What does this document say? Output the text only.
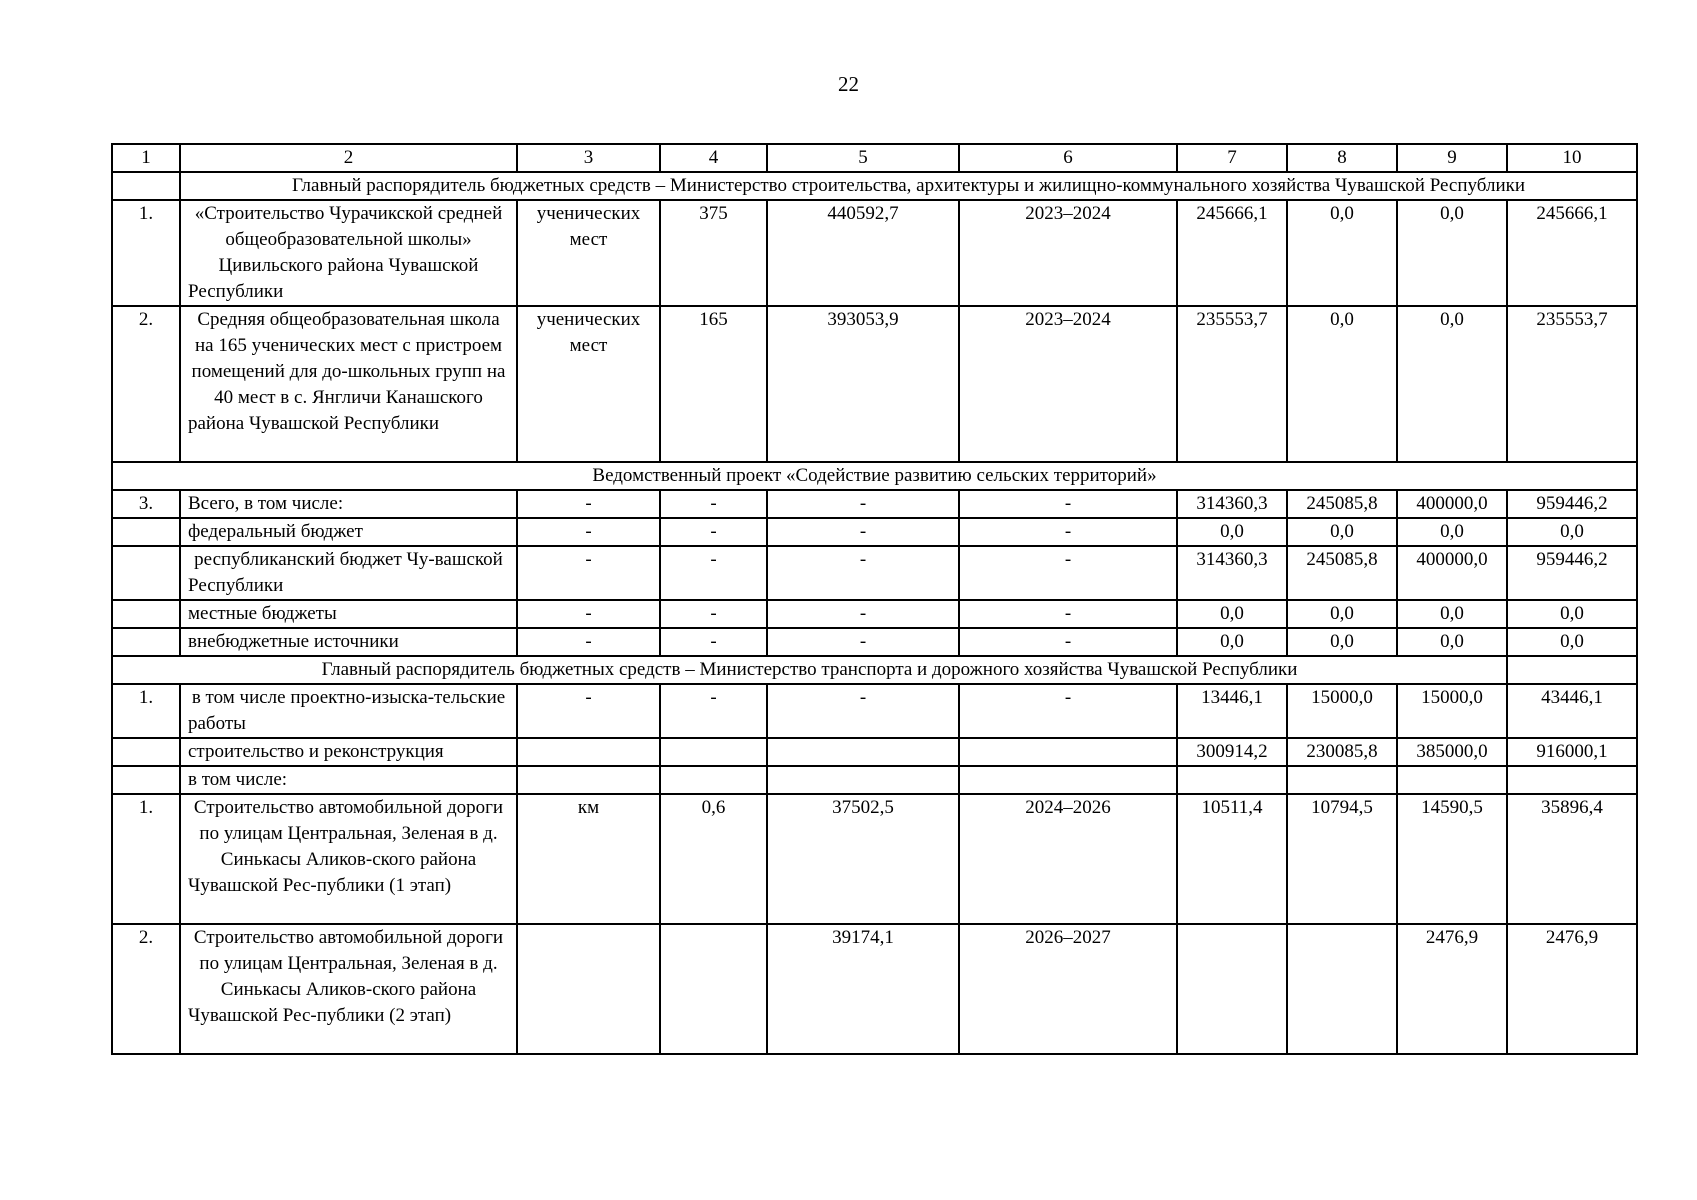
22
1	2	3	4	5	6	7	8	9	10
	Главный распорядитель бюджетных средств – Министерство строительства, архитектуры и жилищно-коммунального хозяйства Чувашской Республики								
1.	«Строительство Чурачикской средней общеобразовательной школы» Цивильского района Чувашской Республики	ученических мест	375	440592,7	2023–2024	245666,1	0,0	0,0	245666,1
2.	Средняя общеобразовательная школа на 165 ученических мест с пристроем помещений для до-школьных групп на 40 мест в с. Янгличи Канашского района Чувашской Республики	ученических мест	165	393053,9	2023–2024	235553,7	0,0	0,0	235553,7
Ведомственный проект «Содействие развитию сельских территорий»									
3.	Всего, в том числе:	-	-	-	-	314360,3	245085,8	400000,0	959446,2
	федеральный бюджет	-	-	-	-	0,0	0,0	0,0	0,0
	республиканский бюджет Чу-вашской Республики	-	-	-	-	314360,3	245085,8	400000,0	959446,2
	местные бюджеты	-	-	-	-	0,0	0,0	0,0	0,0
	внебюджетные источники	-	-	-	-	0,0	0,0	0,0	0,0
Главный распорядитель бюджетных средств – Министерство транспорта и дорожного хозяйства Чувашской Республики									
1.	в том числе проектно-изыска-тельские работы	-	-	-	-	13446,1	15000,0	15000,0	43446,1
	строительство и реконструкция					300914,2	230085,8	385000,0	916000,1
	в том числе:								
1.	Строительство автомобильной дороги по улицам Центральная, Зеленая в д. Синькасы Аликов-ского района Чувашской Рес-публики (1 этап)	км	0,6	37502,5	2024–2026	10511,4	10794,5	14590,5	35896,4
2.	Строительство автомобильной дороги по улицам Центральная, Зеленая в д. Синькасы Аликов-ского района Чувашской Рес-публики (2 этап)			39174,1	2026–2027			2476,9	2476,9
